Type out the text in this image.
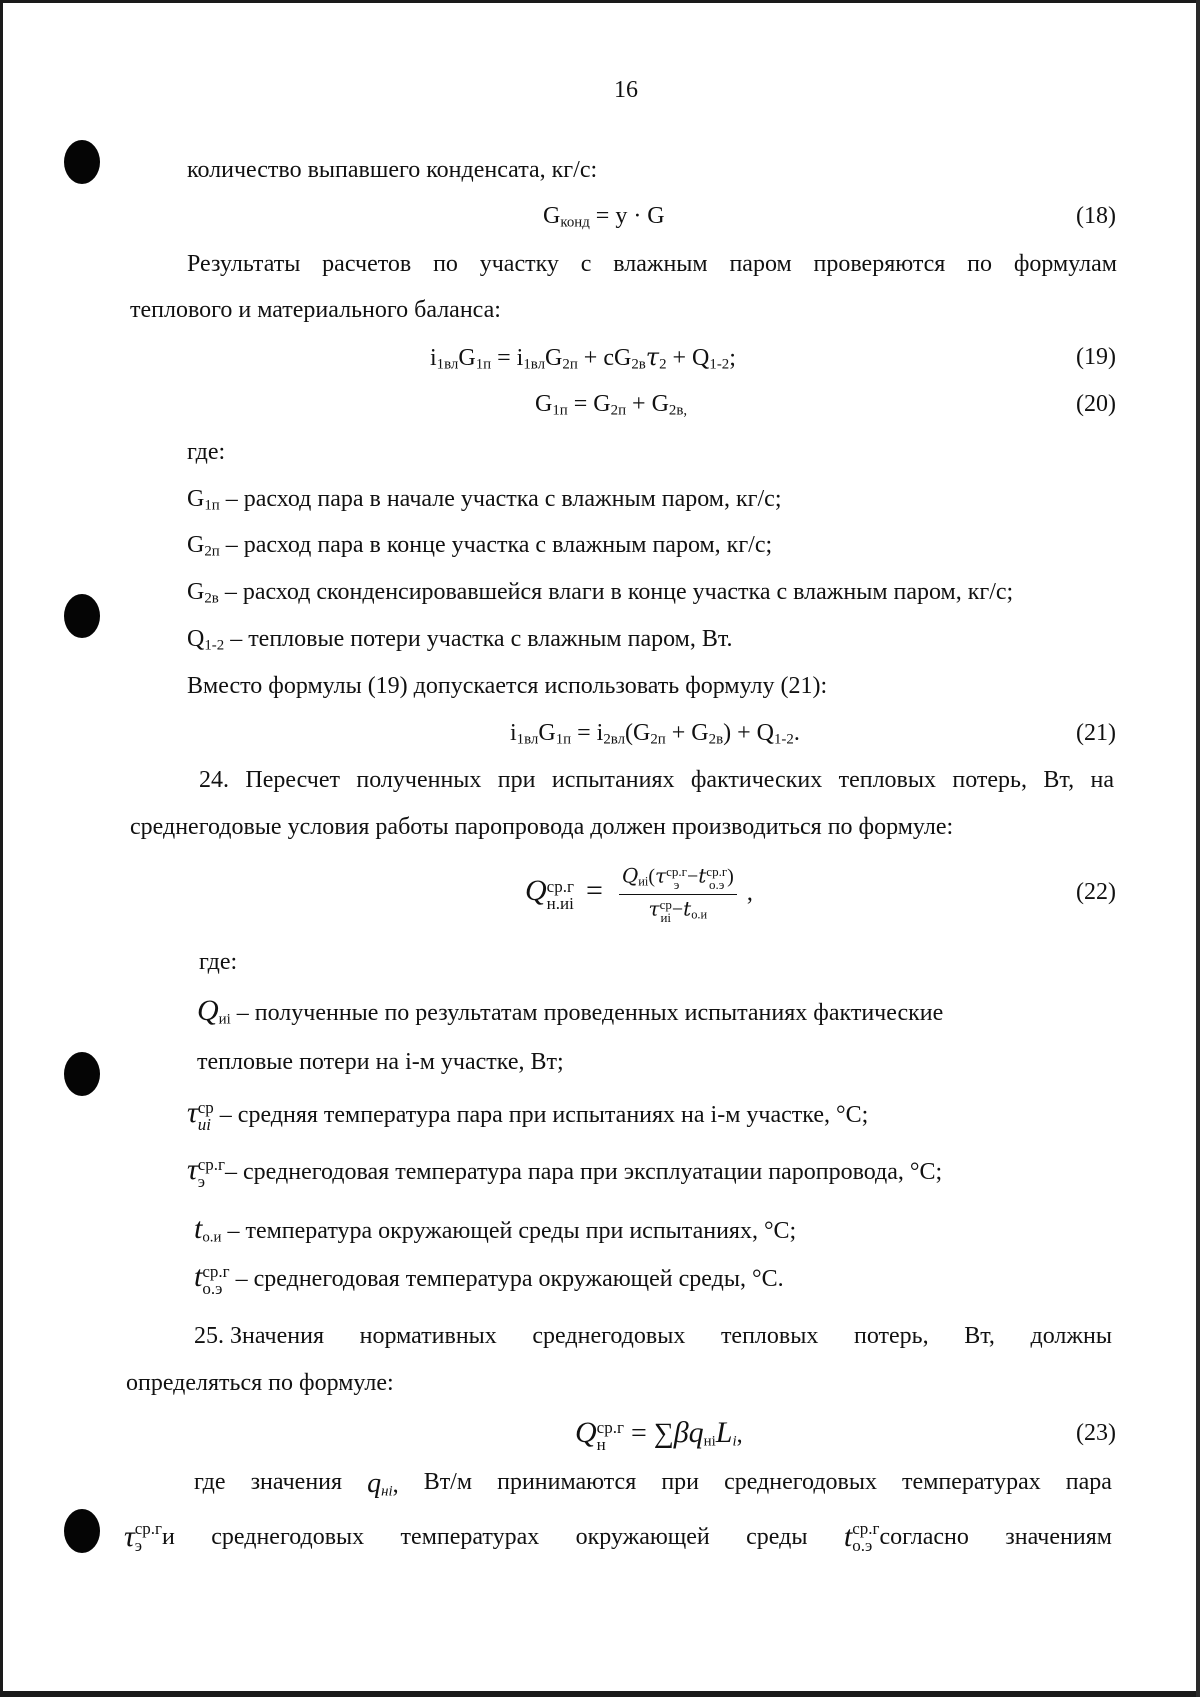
16
количество выпавшего конденсата, кг/с:
$G_{конд} = у \cdot G$	(18)
Результаты расчетов по участку с влажным паром проверяются по формулам
теплового и материального баланса:
$i_{1вл}G_{1п} = i_{1вл}G_{2п} + cG_{2в}\tau_2 + Q_{1-2}$;	(19)
$G_{1п} = G_{2п} + G_{2в,}$	(20)
где:
$G_{1п}$ – расход пара в начале участка с влажным паром, кг/с;
$G_{2п}$ – расход пара в конце участка с влажным паром, кг/с;
$G_{2в}$ – расход сконденсировавшейся влаги в конце участка с влажным паром, кг/с;
$Q_{1-2}$ – тепловые потери участка с влажным паром, Вт.
Вместо формулы (19) допускается использовать формулу (21):
$i_{1вл}G_{1п} = i_{2вл}(G_{2п} + G_{2в}) + Q_{1-2}$.	(21)
24. Пересчет полученных при испытаниях фактических тепловых потерь, Вт, на
среднегодовые условия работы паропровода должен производиться по формуле:
Q ср.г
$н.иi = Q_{иi}(\tau$ ср.г
э −t ср.г
о.э )
τ ср
иi $-t_{о.и}$ ,	(22)
где:
$Q_{иi}$ – полученные по результатам проведенных испытаниях фактические
тепловые потери на i-м участке, Вт;
τ ср
иi – средняя температура пара при испытаниях на i-м участке, °С;
τ ср.г
э – среднегодовая температура пара при эксплуатации паропровода, °С;
$t_{о.и}$ – температура окружающей среды при испытаниях, °С;
t ср.г
о.э – среднегодовая температура окружающей среды, °С.
25. Значения нормативных среднегодовых тепловых потерь, Вт, должны
определяться по формуле:
Q ср.г
$н = \sum\beta q_{нi}L_i$,	(23)
где значения $q_{нi}$, Вт/м принимаются при среднегодовых температурах пара
τ ср.г
э и среднегодовых температурах окружающей среды t ср.г
о.э согласно значениям
